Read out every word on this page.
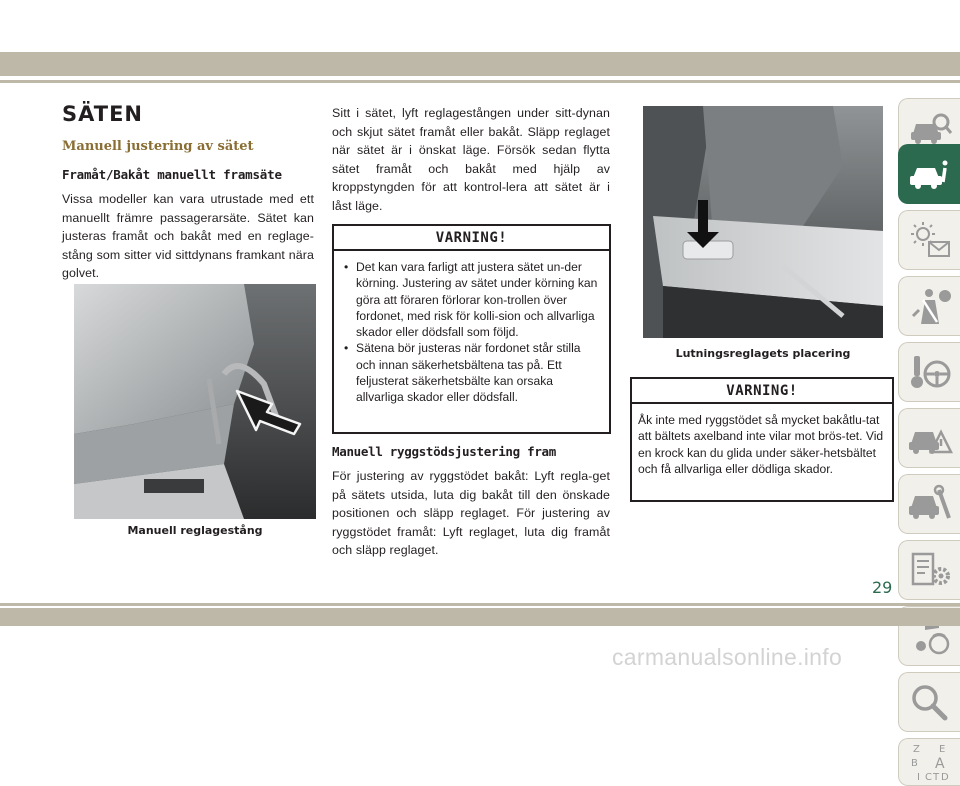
SÄTEN
Manuell justering av sätet
Framåt/Bakåt manuellt framsäte
Vissa modeller kan vara utrustade med ett manuellt främre passagerarsäte. Sätet kan justeras framåt och bakåt med en reglage-stång som sitter vid sittdynans framkant nära golvet.
Manuell reglagestång
Sitt i sätet, lyft reglagestången under sitt-dynan och skjut sätet framåt eller bakåt. Släpp reglaget när sätet är i önskat läge. Försök sedan flytta sätet framåt och bakåt med hjälp av kroppstyngden för att kontrol-lera att sätet är i låst läge.
VARNING!
• Det kan vara farligt att justera sätet un-der körning. Justering av sätet under körning kan göra att föraren förlorar kon-trollen över fordonet, med risk för kolli-sion och allvarliga skador eller dödsfall som följd.
• Sätena bör justeras när fordonet står stilla och innan säkerhetsbältena tas på. Ett feljusterat säkerhetsbälte kan orsaka allvarliga skador eller dödsfall.
Manuell ryggstödsjustering fram
För justering av ryggstödet bakåt: Lyft regla-get på sätets utsida, luta dig bakåt till den önskade positionen och släpp reglaget. För justering av ryggstödet framåt: Lyft reglaget, luta dig framåt och släpp reglaget.
Lutningsreglagets placering
VARNING!
Åk inte med ryggstödet så mycket bakåtlu-tat att bältets axelband inte vilar mot brös-tet. Vid en krock kan du glida under säker-hetsbältet och få allvarliga eller dödliga skador.
Z E
B A
I C T D
29
carmanualsonline.info
